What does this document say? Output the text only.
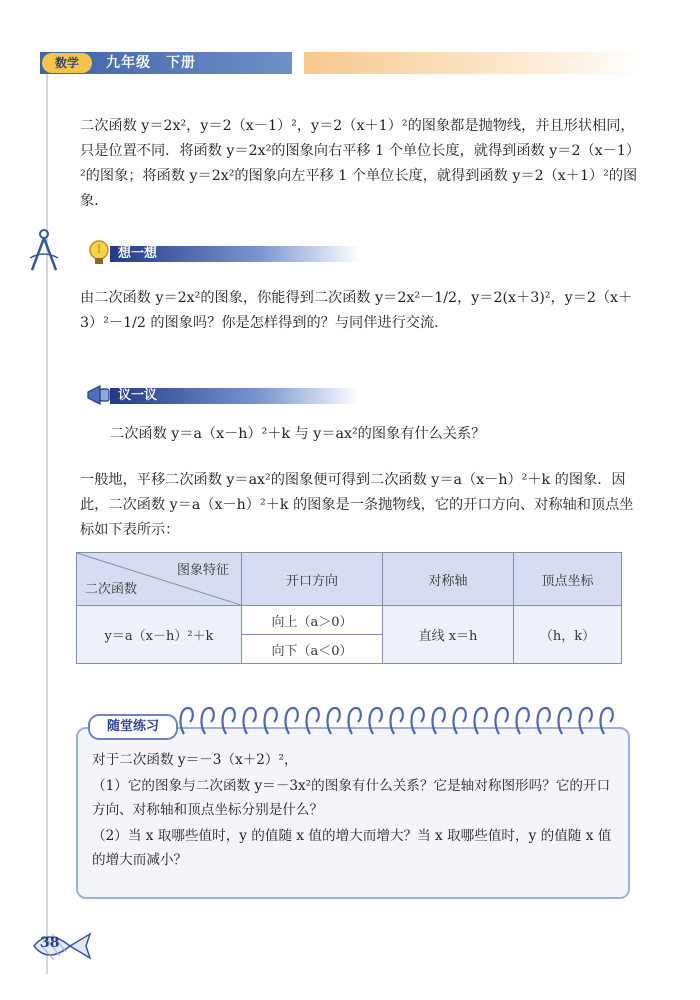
数学	九年级　下册
二次函数 y＝2x²，y＝2（x－1）²，y＝2（x＋1）²的图象都是抛物线，并且形状相同，只是位置不同．将函数 y＝2x²的图象向右平移 1 个单位长度，就得到函数 y＝2（x－1）²的图象；将函数 y＝2x²的图象向左平移 1 个单位长度，就得到函数 y＝2（x＋1）²的图象．
想一想
由二次函数 y＝2x²的图象，你能得到二次函数 y＝2x²－1/2，y＝2(x＋3)²，y＝2（x＋3）²－1/2 的图象吗？你是怎样得到的？与同伴进行交流．
议一议
二次函数 y＝a（x－h）²＋k 与 y＝ax²的图象有什么关系？
一般地，平移二次函数 y＝ax²的图象便可得到二次函数 y＝a（x－h）²＋k 的图象．因此，二次函数 y＝a（x－h）²＋k 的图象是一条抛物线，它的开口方向、对称轴和顶点坐标如下表所示：
图象特征
二次函数	开口方向	对称轴	顶点坐标
y＝a（x－h）²＋k	向上（a＞0）	直线 x＝h	（h，k）
	向下（a＜0）		
随堂练习
对于二次函数 y＝－3（x＋2）²，
（1）它的图象与二次函数 y＝－3x²的图象有什么关系？它是轴对称图形吗？它的开口方向、对称轴和顶点坐标分别是什么？
（2）当 x 取哪些值时，y 的值随 x 值的增大而增大？当 x 取哪些值时，y 的值随 x 值的增大而减小？
38
